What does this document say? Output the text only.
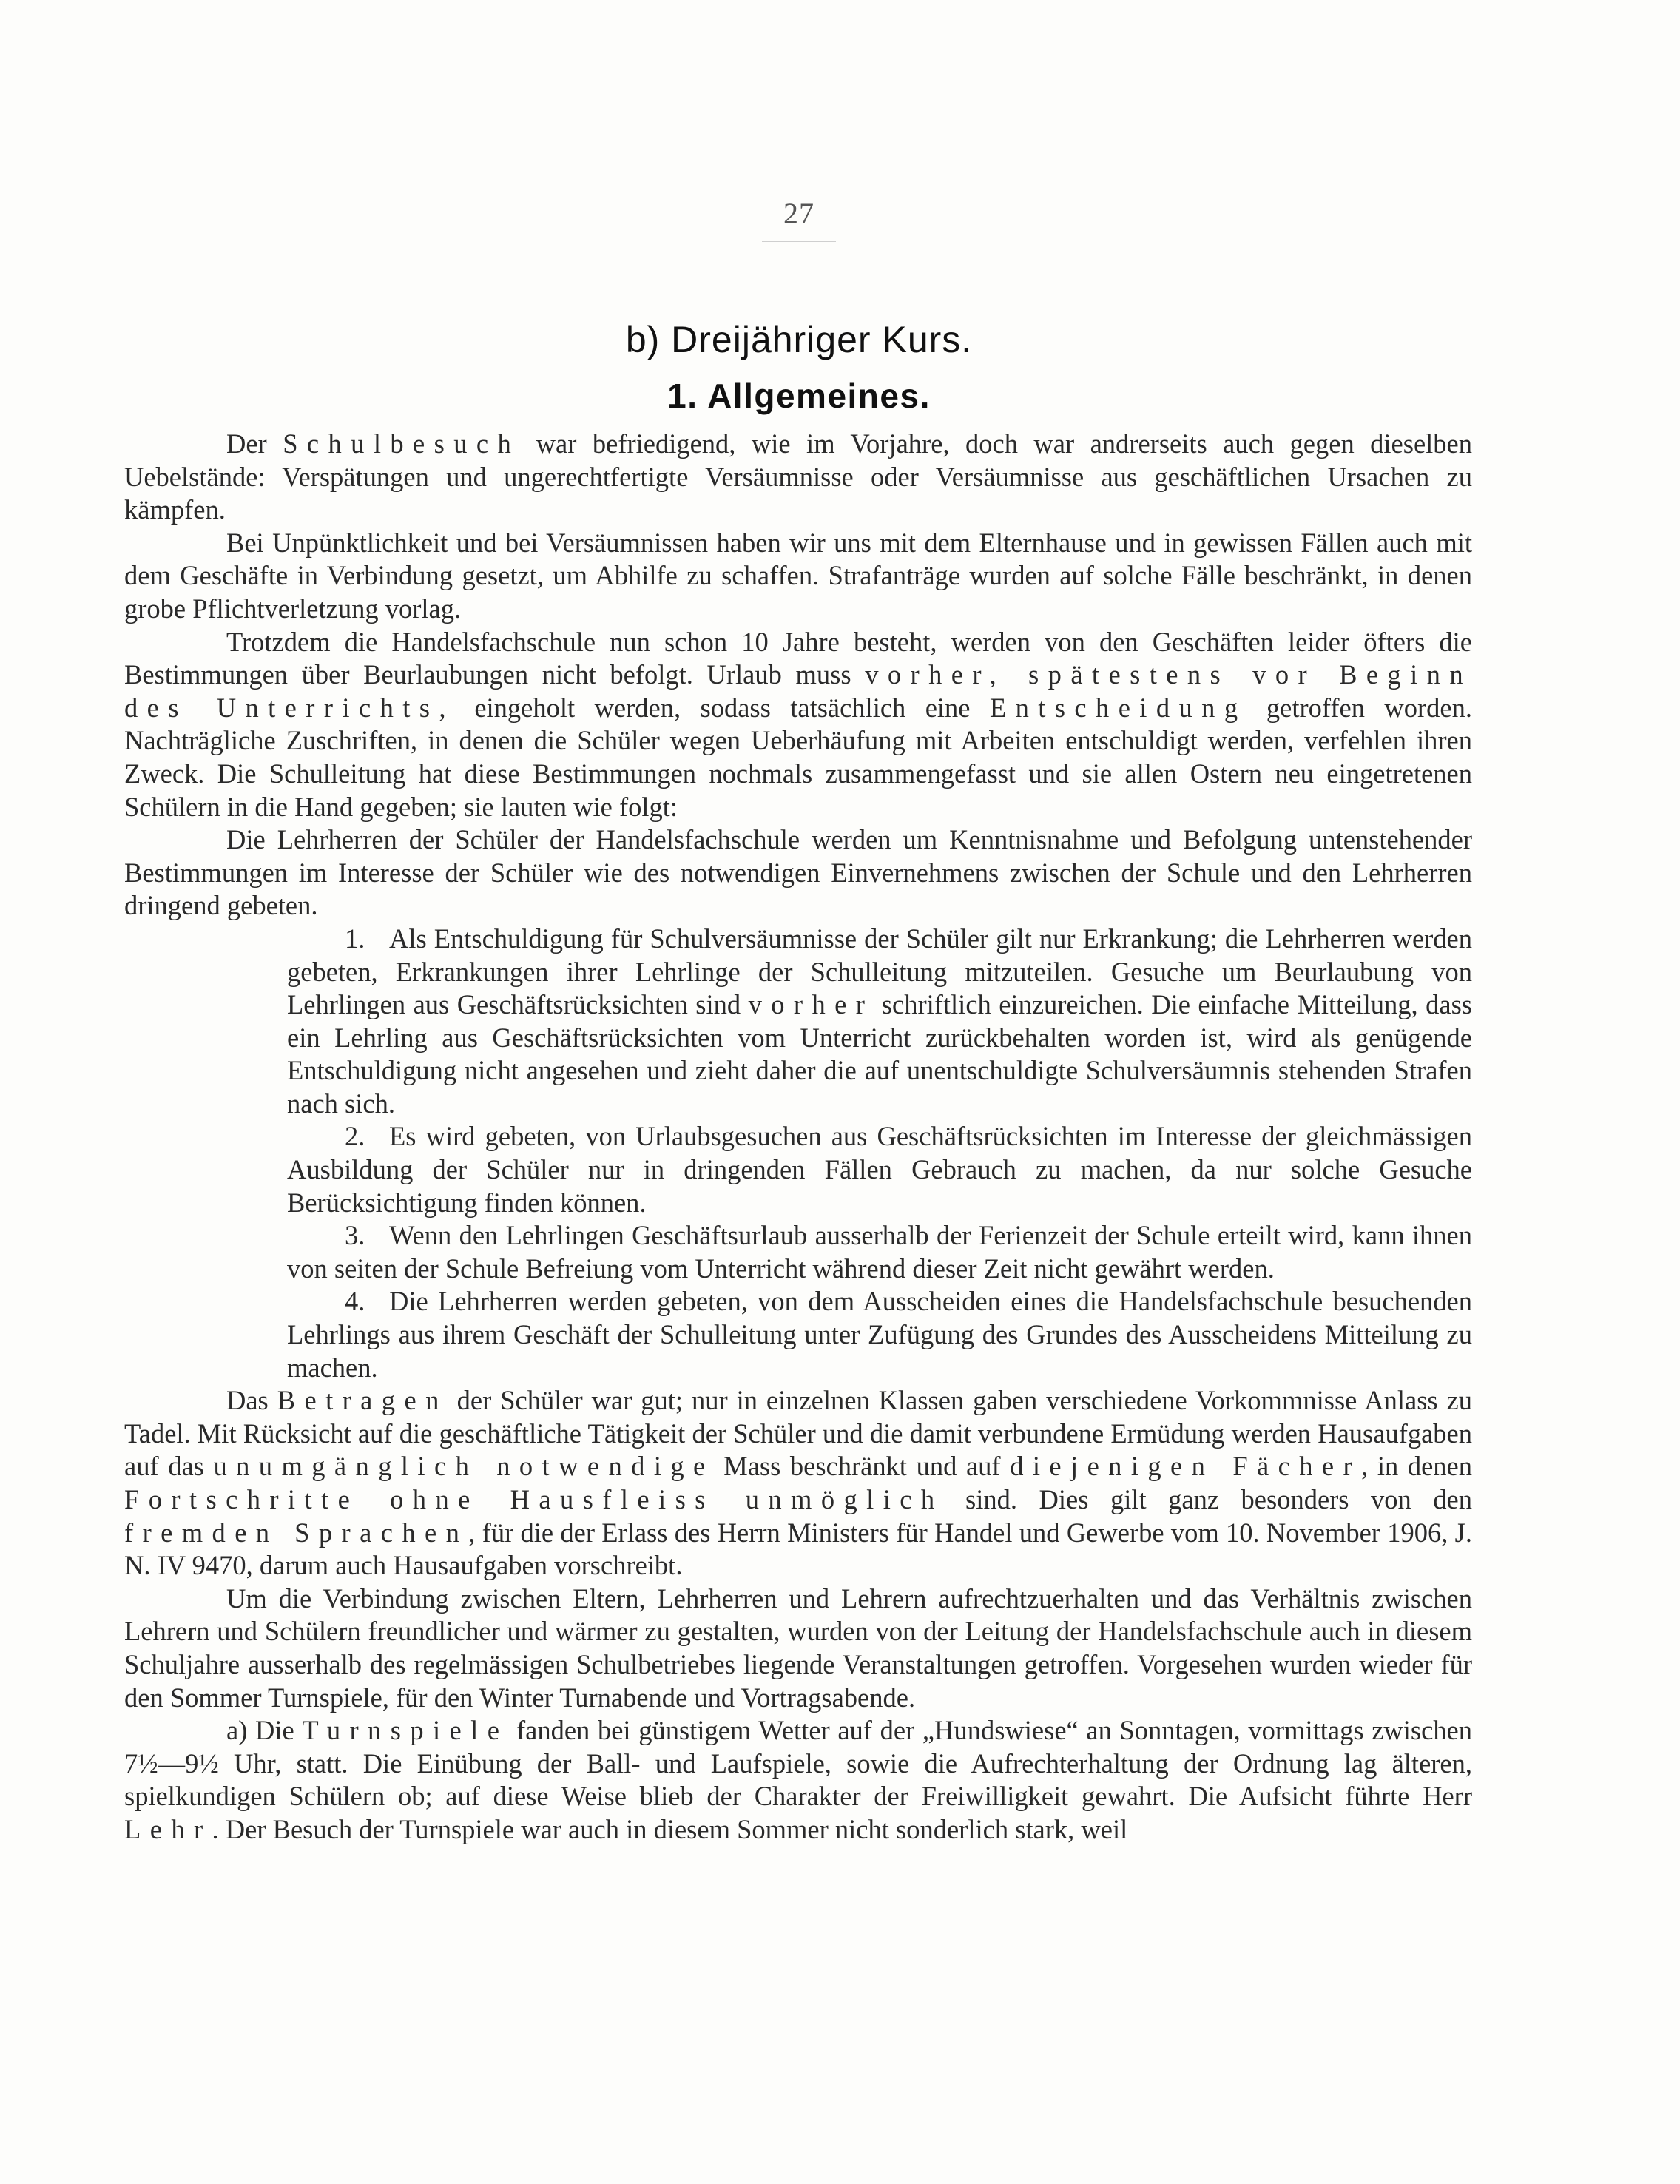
27
b) Dreijähriger Kurs.
1. Allgemeines.

Der Schulbesuch war befriedigend, wie im Vorjahre, doch war andrerseits auch gegen dieselben Uebelstände: Verspätungen und ungerechtfertigte Versäumnisse oder Versäumnisse aus geschäftlichen Ursachen zu kämpfen.

Bei Unpünktlichkeit und bei Versäumnissen haben wir uns mit dem Elternhause und in gewissen Fällen auch mit dem Geschäfte in Verbindung gesetzt, um Abhilfe zu schaffen. Strafanträge wurden auf solche Fälle beschränkt, in denen grobe Pflichtverletzung vorlag.

Trotzdem die Handelsfachschule nun schon 10 Jahre besteht, werden von den Geschäften leider öfters die Bestimmungen über Beurlaubungen nicht befolgt. Urlaub muss vorher, spätestens vor Beginn des Unterrichts, eingeholt werden, sodass tatsächlich eine Entscheidung getroffen worden. Nachträgliche Zuschriften, in denen die Schüler wegen Ueberhäufung mit Arbeiten entschuldigt werden, verfehlen ihren Zweck. Die Schulleitung hat diese Bestimmungen nochmals zusammengefasst und sie allen Ostern neu eingetretenen Schülern in die Hand gegeben; sie lauten wie folgt:

Die Lehrherren der Schüler der Handelsfachschule werden um Kenntnisnahme und Befolgung untenstehender Bestimmungen im Interesse der Schüler wie des notwendigen Einvernehmens zwischen der Schule und den Lehrherren dringend gebeten.

1. Als Entschuldigung für Schulversäumnisse der Schüler gilt nur Erkrankung; die Lehrherren werden gebeten, Erkrankungen ihrer Lehrlinge der Schulleitung mitzuteilen. Gesuche um Beurlaubung von Lehrlingen aus Geschäftsrücksichten sind vorher schriftlich einzureichen. Die einfache Mitteilung, dass ein Lehrling aus Geschäftsrücksichten vom Unterricht zurückbehalten worden ist, wird als genügende Entschuldigung nicht angesehen und zieht daher die auf unentschuldigte Schulversäumnis stehenden Strafen nach sich.

2. Es wird gebeten, von Urlaubsgesuchen aus Geschäftsrücksichten im Interesse der gleichmässigen Ausbildung der Schüler nur in dringenden Fällen Gebrauch zu machen, da nur solche Gesuche Berücksichtigung finden können.

3. Wenn den Lehrlingen Geschäftsurlaub ausserhalb der Ferienzeit der Schule erteilt wird, kann ihnen von seiten der Schule Befreiung vom Unterricht während dieser Zeit nicht gewährt werden.

4. Die Lehrherren werden gebeten, von dem Ausscheiden eines die Handelsfachschule besuchenden Lehrlings aus ihrem Geschäft der Schulleitung unter Zufügung des Grundes des Ausscheidens Mitteilung zu machen.

Das Betragen der Schüler war gut; nur in einzelnen Klassen gaben verschiedene Vorkommnisse Anlass zu Tadel. Mit Rücksicht auf die geschäftliche Tätigkeit der Schüler und die damit verbundene Ermüdung werden Hausaufgaben auf das unumgänglich notwendige Mass beschränkt und auf diejenigen Fächer, in denen Fortschritte ohne Hausfleiss unmöglich sind. Dies gilt ganz besonders von den fremden Sprachen, für die der Erlass des Herrn Ministers für Handel und Gewerbe vom 10. November 1906, J. N. IV 9470, darum auch Hausaufgaben vorschreibt.

Um die Verbindung zwischen Eltern, Lehrherren und Lehrern aufrechtzuerhalten und das Verhältnis zwischen Lehrern und Schülern freundlicher und wärmer zu gestalten, wurden von der Leitung der Handelsfachschule auch in diesem Schuljahre ausserhalb des regelmässigen Schulbetriebes liegende Veranstaltungen getroffen. Vorgesehen wurden wieder für den Sommer Turnspiele, für den Winter Turnabende und Vortragsabende.

a) Die Turnspiele fanden bei günstigem Wetter auf der „Hundswiese“ an Sonntagen, vormittags zwischen 7½—9½ Uhr, statt. Die Einübung der Ball- und Laufspiele, sowie die Aufrechterhaltung der Ordnung lag älteren, spielkundigen Schülern ob; auf diese Weise blieb der Charakter der Freiwilligkeit gewahrt. Die Aufsicht führte Herr Lehr. Der Besuch der Turnspiele war auch in diesem Sommer nicht sonderlich stark, weil
